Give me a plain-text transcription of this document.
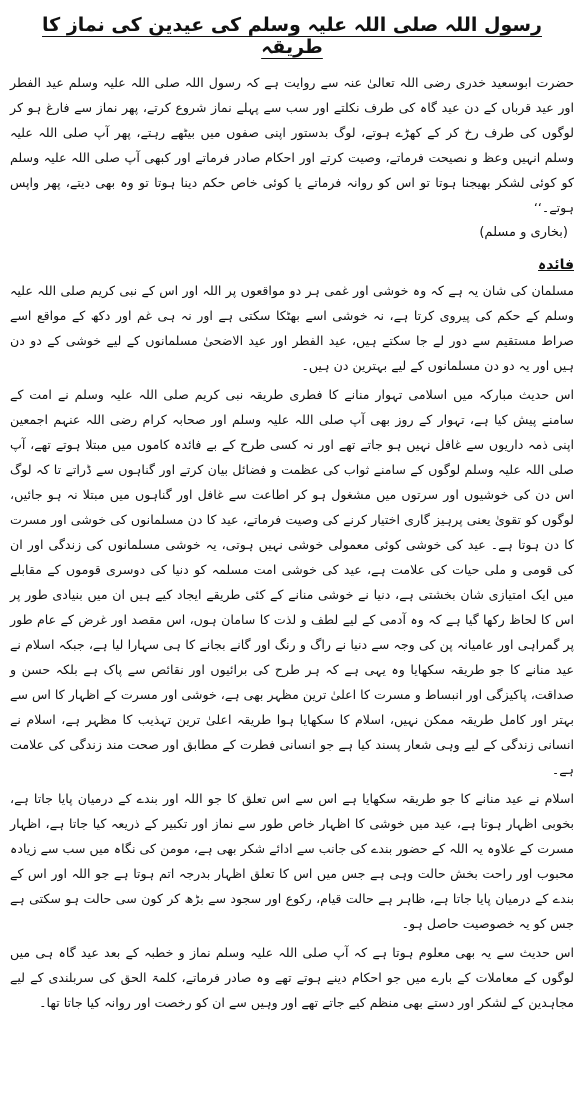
رسول اللہ صلی اللہ علیہ وسلم کی عیدین کی نماز کا طریقہ

حضرت ابوسعید خدری رضی اللہ تعالیٰ عنہ سے روایت ہے کہ رسول اللہ صلی اللہ علیہ وسلم عید الفطر اور عید قرباں کے دن عید گاہ کی طرف نکلتے اور سب سے پہلے نماز شروع کرتے، پھر نماز سے فارغ ہو کر لوگوں کی طرف رخ کر کے کھڑے ہوتے، لوگ بدستور اپنی صفوں میں بیٹھے رہتے، پھر آپ صلی اللہ علیہ وسلم انہیں وعظ و نصیحت فرماتے، وصیت کرتے اور احکام صادر فرماتے اور کبھی آپ صلی اللہ علیہ وسلم کو کوئی لشکر بھیجنا ہوتا تو اس کو روانہ فرماتے یا کوئی خاص حکم دینا ہوتا تو وہ بھی دیتے، پھر واپس ہوتے۔‘‘

(بخاری و مسلم)

فائدہ

مسلمان کی شان یہ ہے کہ وہ خوشی اور غمی ہر دو مواقعوں پر اللہ اور اس کے نبی کریم صلی اللہ علیہ وسلم کے حکم کی پیروی کرتا ہے، نہ خوشی اسے بھٹکا سکتی ہے اور نہ ہی غم اور دکھ کے مواقع اسے صراط مستقیم سے دور لے جا سکتے ہیں، عید الفطر اور عید الاضحیٰ مسلمانوں کے لیے خوشی کے دو دن ہیں اور یہ دو دن مسلمانوں کے لیے بہترین دن ہیں۔

اس حدیث مبارکہ میں اسلامی تہوار منانے کا فطری طریقہ نبی کریم صلی اللہ علیہ وسلم نے امت کے سامنے پیش کیا ہے، تہوار کے روز بھی آپ صلی اللہ علیہ وسلم اور صحابہ کرام رضی اللہ عنہم اجمعین اپنی ذمہ داریوں سے غافل نہیں ہو جاتے تھے اور نہ کسی طرح کے بے فائدہ کاموں میں مبتلا ہوتے تھے، آپ صلی اللہ علیہ وسلم لوگوں کے سامنے ثواب کی عظمت و فضائل بیان کرتے اور گناہوں سے ڈراتے تا کہ لوگ اس دن کی خوشیوں اور سرتوں میں مشغول ہو کر اطاعت سے غافل اور گناہوں میں مبتلا نہ ہو جائیں، لوگوں کو تقویٰ یعنی پرہیز گاری اختیار کرنے کی وصیت فرماتے، عید کا دن مسلمانوں کی خوشی اور مسرت کا دن ہوتا ہے۔ عید کی خوشی کوئی معمولی خوشی نہیں ہوتی، یہ خوشی مسلمانوں کی زندگی اور ان کی قومی و ملی حیات کی علامت ہے، عید کی خوشی امت مسلمہ کو دنیا کی دوسری قوموں کے مقابلے میں ایک امتیازی شان بخشتی ہے، دنیا نے خوشی منانے کے کئی طریقے ایجاد کیے ہیں ان میں بنیادی طور پر اس کا لحاظ رکھا گیا ہے کہ وہ آدمی کے لیے لطف و لذت کا سامان ہوں، اس مقصد اور غرض کے عام طور پر گمراہی اور عامیانہ پن کی وجہ سے دنیا نے راگ و رنگ اور گانے بجانے کا ہی سہارا لیا ہے، جبکہ اسلام نے عید منانے کا جو طریقہ سکھایا وہ یہی ہے کہ ہر طرح کی برائیوں اور نقائص سے پاک ہے بلکہ حسن و صداقت، پاکیزگی اور انبساط و مسرت کا اعلیٰ ترین مظہر بھی ہے، خوشی اور مسرت کے اظہار کا اس سے بہتر اور کامل طریقہ ممکن نہیں، اسلام کا سکھایا ہوا طریقہ اعلیٰ ترین تہذیب کا مظہر ہے، اسلام نے انسانی زندگی کے لیے وہی شعار پسند کیا ہے جو انسانی فطرت کے مطابق اور صحت مند زندگی کی علامت ہے۔

اسلام نے عید منانے کا جو طریقہ سکھایا ہے اس سے اس تعلق کا جو اللہ اور بندے کے درمیان پایا جاتا ہے، بخوبی اظہار ہوتا ہے، عید میں خوشی کا اظہار خاص طور سے نماز اور تکبیر کے ذریعہ کیا جاتا ہے، اظہار مسرت کے علاوہ یہ اللہ کے حضور بندے کی جانب سے ادائے شکر بھی ہے، مومن کی نگاہ میں سب سے زیادہ محبوب اور راحت بخش حالت وہی ہے جس میں اس کا تعلق اظہار بدرجہ اتم ہوتا ہے جو اللہ اور اس کے بندے کے درمیان پایا جاتا ہے، ظاہر ہے حالت قیام، رکوع اور سجود سے بڑھ کر کون سی حالت ہو سکتی ہے جس کو یہ خصوصیت حاصل ہو۔

اس حدیث سے یہ بھی معلوم ہوتا ہے کہ آپ صلی اللہ علیہ وسلم نماز و خطبہ کے بعد عید گاہ ہی میں لوگوں کے معاملات کے بارے میں جو احکام دینے ہوتے تھے وہ صادر فرماتے، کلمۃ الحق کی سربلندی کے لیے مجاہدین کے لشکر اور دستے بھی منظم کیے جاتے تھے اور وہیں سے ان کو رخصت اور روانہ کیا جاتا تھا۔
